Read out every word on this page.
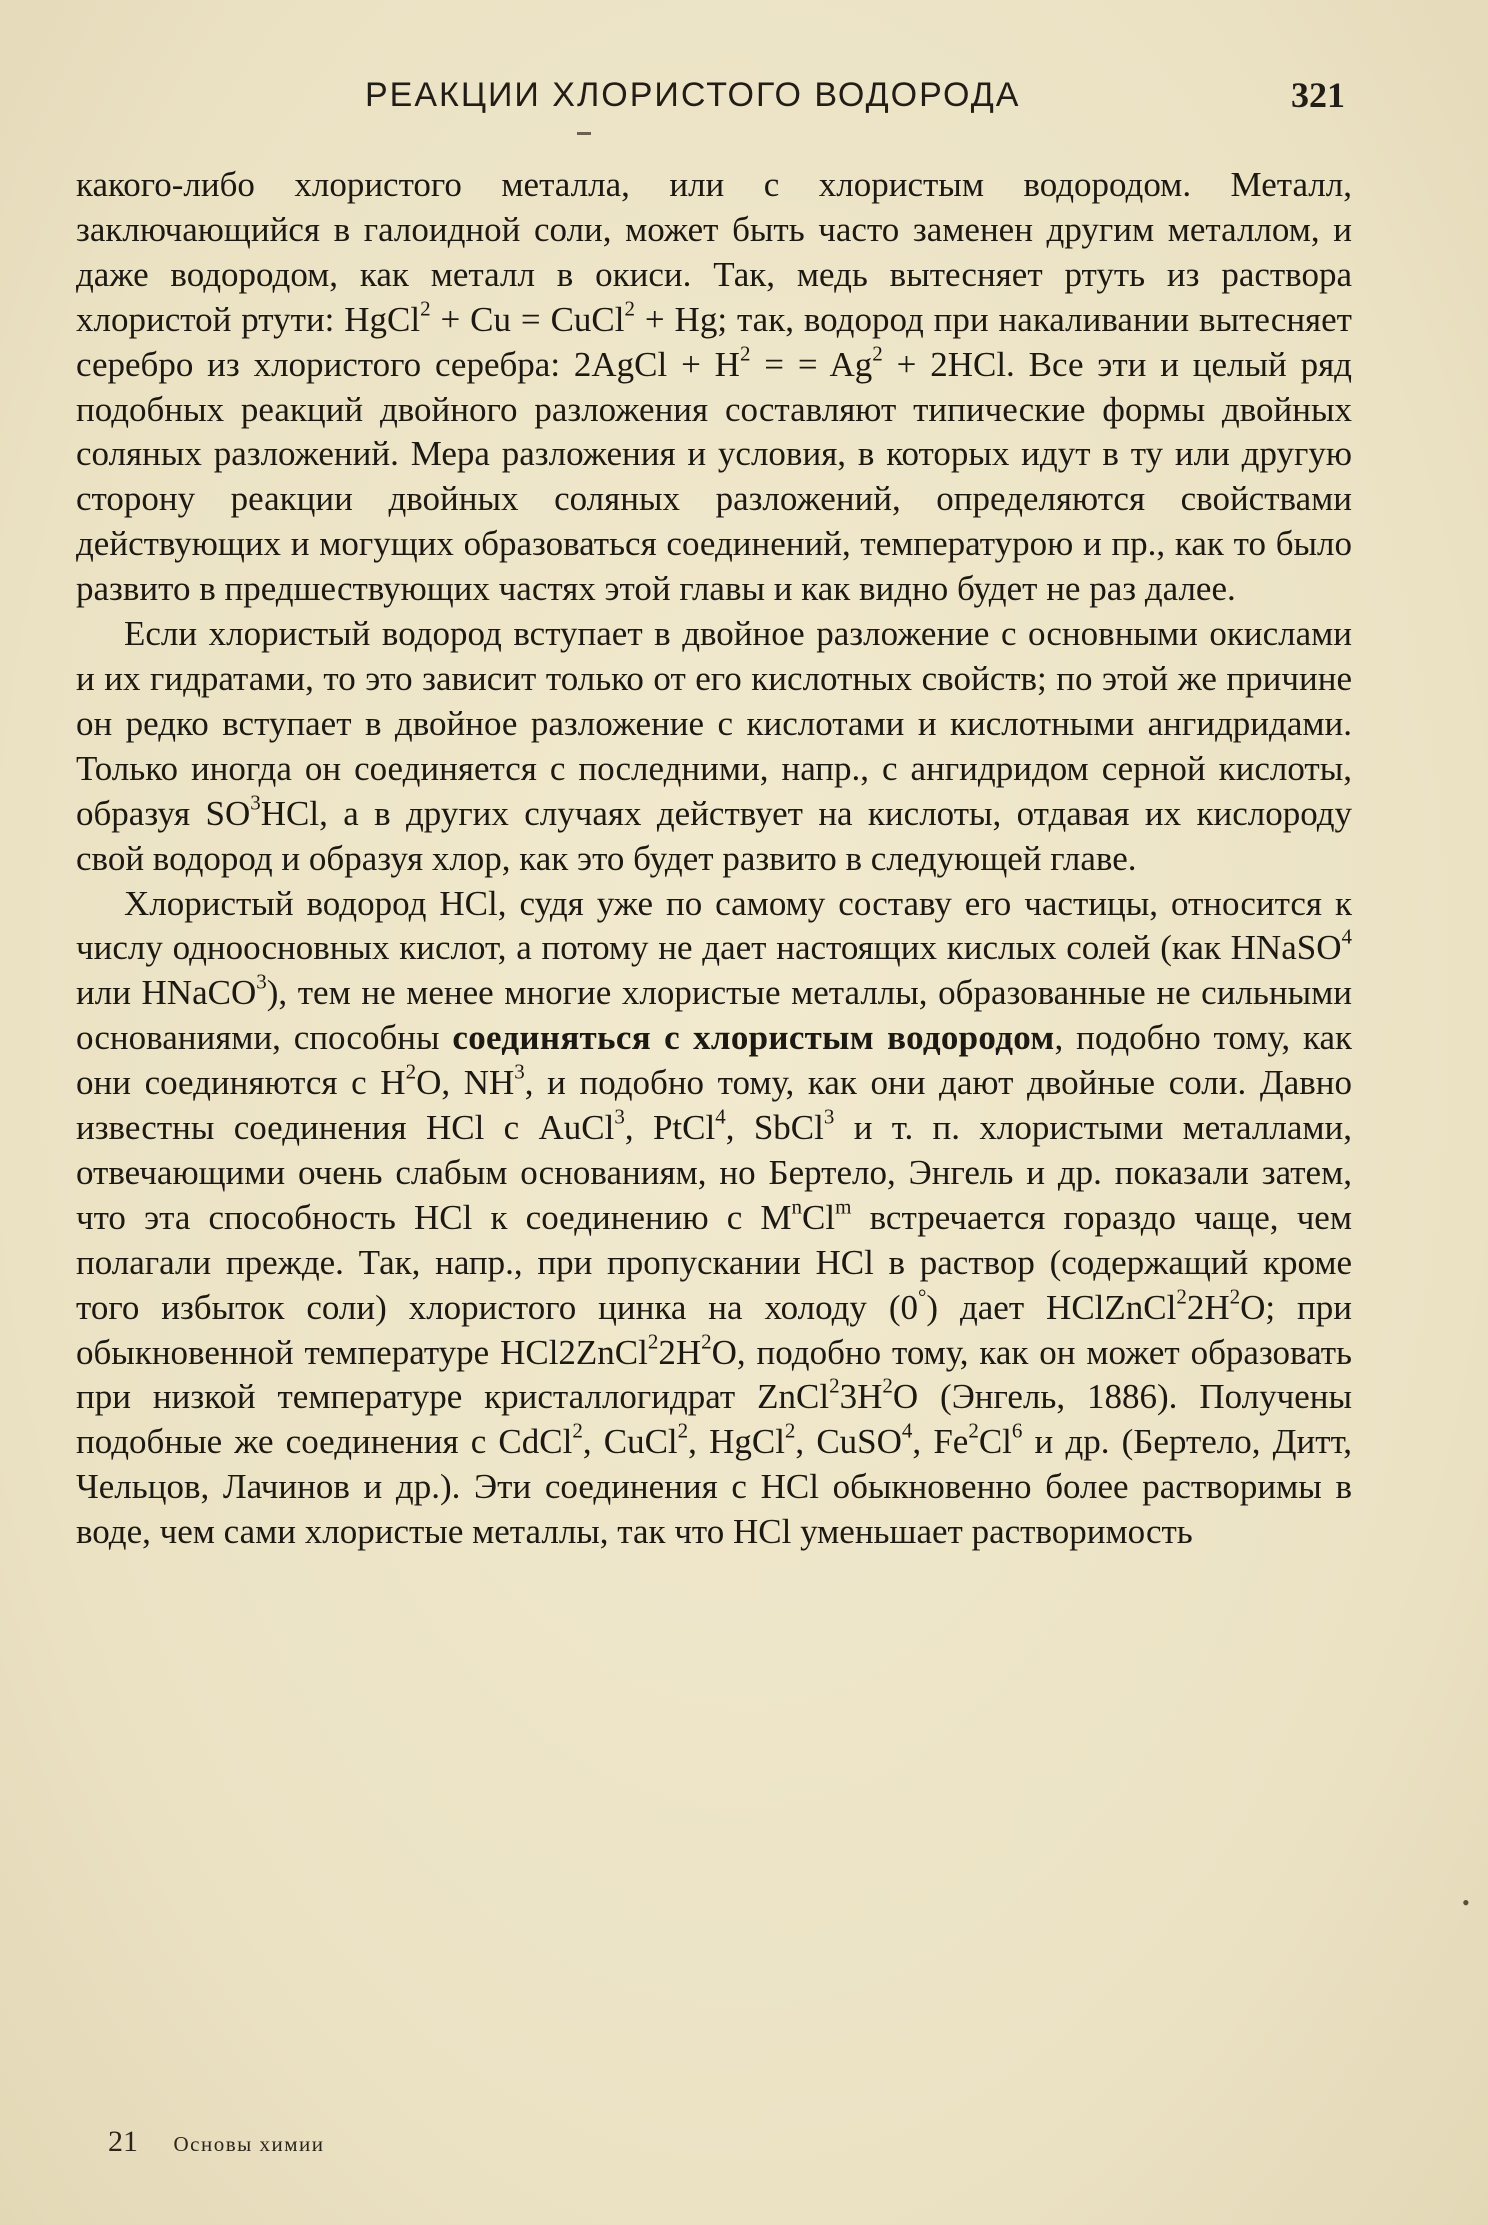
РЕАКЦИИ ХЛОРИСТОГО ВОДОРОДА	321

какого-либо хлористого металла, или с хлористым водородом. Металл, заключающийся в галоидной соли, может быть часто заменен другим металлом, и даже водородом, как металл в окиси. Так, медь вытесняет ртуть из раствора хлористой ртути: HgCl$^2$ + Cu = CuCl$^2$ + Hg; так, водород при накаливании вытесняет серебро из хлористого серебра: 2AgCl + $H^2$ = = $Ag^2 + 2HCl$. Все эти и целый ряд подобных реакций двойного разложения составляют типические формы двойных соляных разложений. Мера разложения и условия, в которых идут в ту или другую сторону реакции двойных соляных разложений, определяются свойствами действующих и могущих образоваться соединений, температурою и пр., как то было развито в предшествующих частях этой главы и как видно будет не раз далее.

Если хлористый водород вступает в двойное разложение с основными окислами и их гидратами, то это зависит только от его кислотных свойств; по этой же причине он редко вступает в двойное разложение с кислотами и кислотными ангидридами. Только иногда он соединяется с последними, напр., с ангидридом серной кислоты, образуя $SO^3HCl$, а в других случаях действует на кислоты, отдавая их кислороду свой водород и образуя хлор, как это будет развито в следующей главе.

Хлористый водород HCl, судя уже по самому составу его частицы, относится к числу одноосновных кислот, а потому не дает настоящих кислых солей (как HNaSO$^4$ или HNaCO$^3$), тем не менее многие хлористые металлы, образованные не сильными основаниями, способны соединяться с хлористым водородом, подобно тому, как они соединяются с $H^2O$, $NH^3$, и подобно тому, как они дают двойные соли. Давно известны соединения HCl с AuCl$^3$, PtCl$^4$, SbCl$^3$ и т. п. хлористыми металлами, отвечающими очень слабым основаниям, но Бертело, Энгель и др. показали затем, что эта способность HCl к соединению с $M^nCl^m$ встречается гораздо чаще, чем полагали прежде. Так, напр., при пропускании HCl в раствор (содержащий кроме того избыток соли) хлористого цинка на холоду (0°) дает $HClZnCl^22H^2O$; при обыкновенной температуре $HCl2ZnCl^22H^2O$, подобно тому, как он может образовать при низкой температуре кристаллогидрат $ZnCl^23H^2O$ (Энгель, 1886). Получены подобные же соединения с CdCl$^2$, CuCl$^2$, HgCl$^2$, CuSO$^4$, Fe$^2$Cl$^6$ и др. (Бертело, Дитт, Чельцов, Лачинов и др.). Эти соединения с HCl обыкновенно более растворимы в воде, чем сами хлористые металлы, так что HCl уменьшает растворимость

•
21 Основы химии
